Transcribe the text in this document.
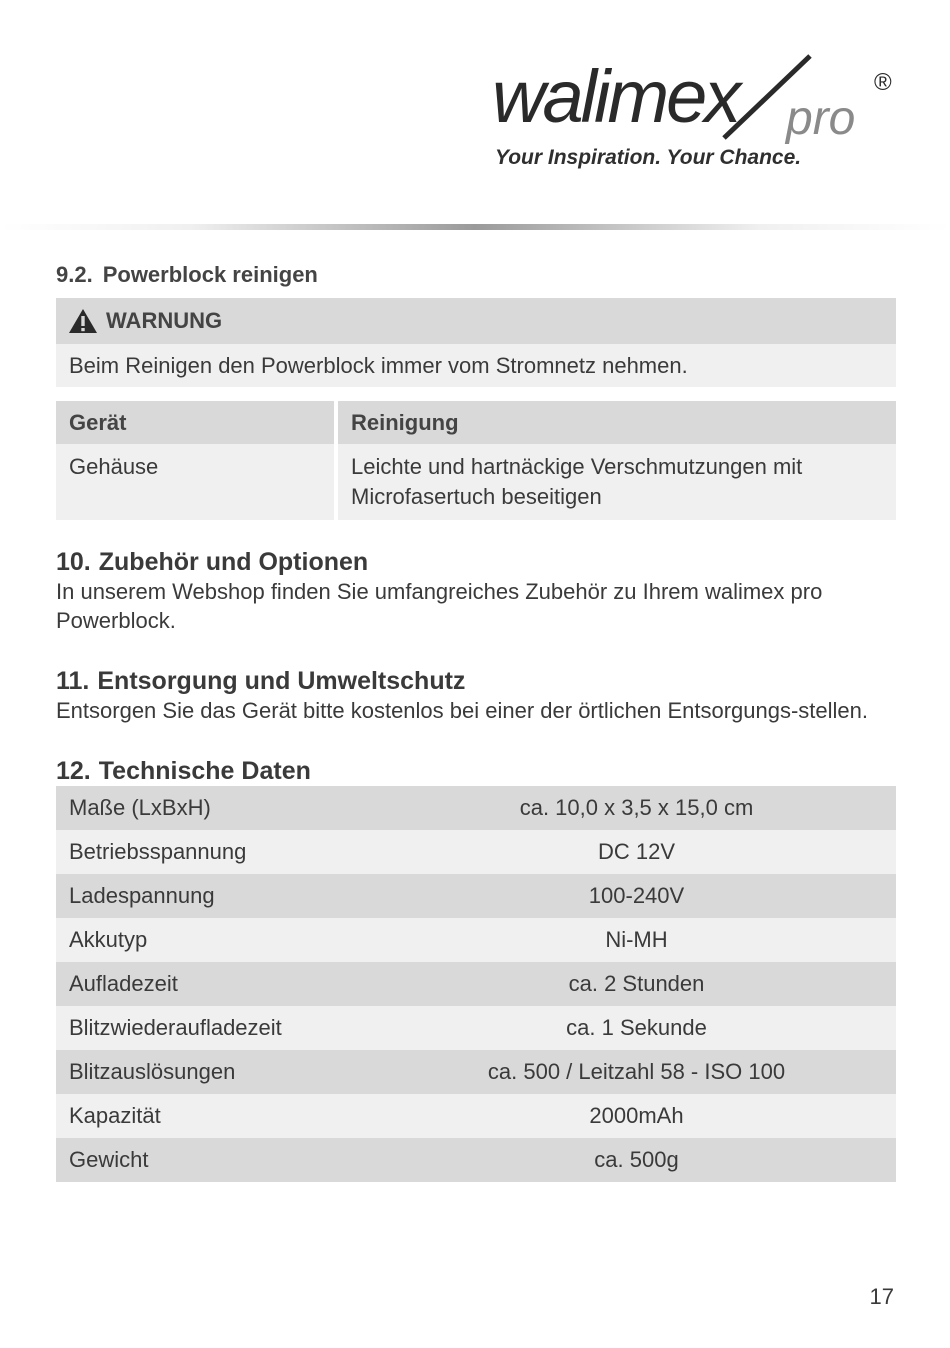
walimex pro
®
Your Inspiration. Your Chance.
9.2. Powerblock reinigen
WARNUNG
Beim Reinigen den Powerblock immer vom Stromnetz nehmen.
Gerät	Reinigung
Gehäuse	Leichte und hartnäckige Verschmutzungen mit Microfasertuch beseitigen
10. Zubehör und Optionen

In unserem Webshop finden Sie umfangreiches Zubehör zu Ihrem walimex pro Powerblock.

11. Entsorgung und Umweltschutz

Entsorgen Sie das Gerät bitte kostenlos bei einer der örtlichen Entsorgungs-stellen.

12. Technische Daten
Maße (LxBxH)	ca. 10,0 x 3,5 x 15,0 cm
Betriebsspannung	DC 12V
Ladespannung	100-240V
Akkutyp	Ni-MH
Aufladezeit	ca. 2 Stunden
Blitzwiederaufladezeit	ca. 1 Sekunde
Blitzauslösungen	ca. 500 / Leitzahl 58 - ISO 100
Kapazität	2000mAh
Gewicht	ca. 500g
17
